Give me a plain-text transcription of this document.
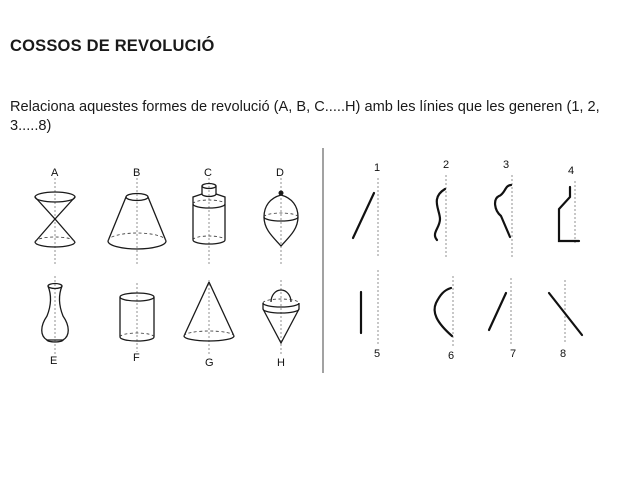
COSSOS DE REVOLUCIÓ
Relaciona aquestes formes de revolució (A, B, C.....H) amb les línies que les generen (1, 2, 3.....8)
A	B	C	D
E	F	G	H
1	2	3	4
5	6	7	8
